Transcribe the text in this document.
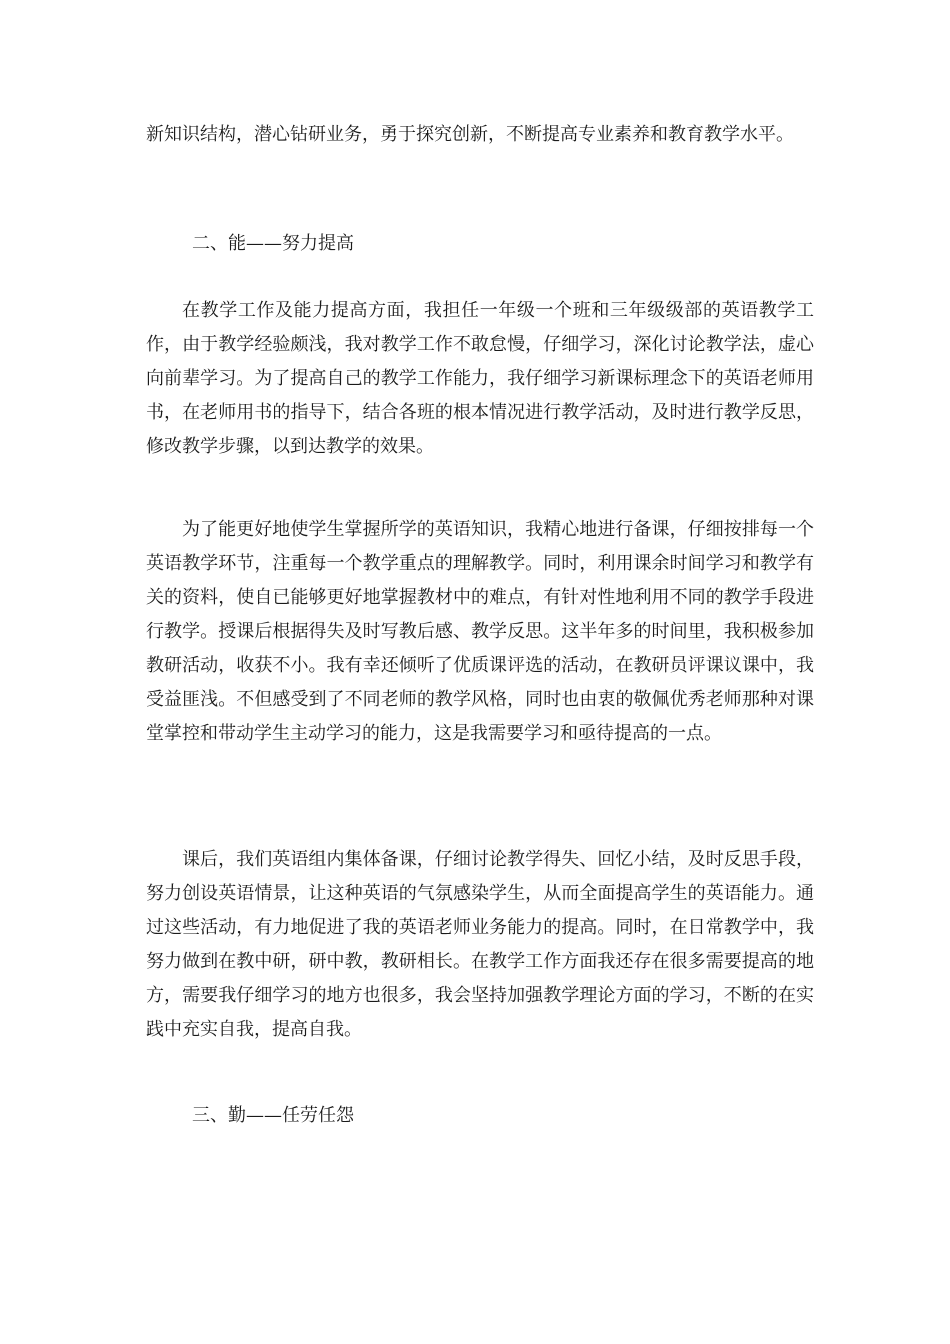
新知识结构，潜心钻研业务，勇于探究创新，不断提高专业素养和教育教学水平。

二、能——努力提高

在教学工作及能力提高方面，我担任一年级一个班和三年级级部的英语教学工作，由于教学经验颇浅，我对教学工作不敢怠慢，仔细学习，深化讨论教学法，虚心向前辈学习。为了提高自己的教学工作能力，我仔细学习新课标理念下的英语老师用书，在老师用书的指导下，结合各班的根本情况进行教学活动，及时进行教学反思，修改教学步骤，以到达教学的效果。

为了能更好地使学生掌握所学的英语知识，我精心地进行备课，仔细按排每一个英语教学环节，注重每一个教学重点的理解教学。同时，利用课余时间学习和教学有关的资料，使自已能够更好地掌握教材中的难点，有针对性地利用不同的教学手段进行教学。授课后根据得失及时写教后感、教学反思。这半年多的时间里，我积极参加教研活动，收获不小。我有幸还倾听了优质课评选的活动，在教研员评课议课中，我受益匪浅。不但感受到了不同老师的教学风格，同时也由衷的敬佩优秀老师那种对课堂掌控和带动学生主动学习的能力，这是我需要学习和亟待提高的一点。

课后，我们英语组内集体备课，仔细讨论教学得失、回忆小结，及时反思手段，努力创设英语情景，让这种英语的气氛感染学生，从而全面提高学生的英语能力。通过这些活动，有力地促进了我的英语老师业务能力的提高。同时，在日常教学中，我努力做到在教中研，研中教，教研相长。在教学工作方面我还存在很多需要提高的地方，需要我仔细学习的地方也很多，我会坚持加强教学理论方面的学习，不断的在实践中充实自我，提高自我。

三、勤——任劳任怨
